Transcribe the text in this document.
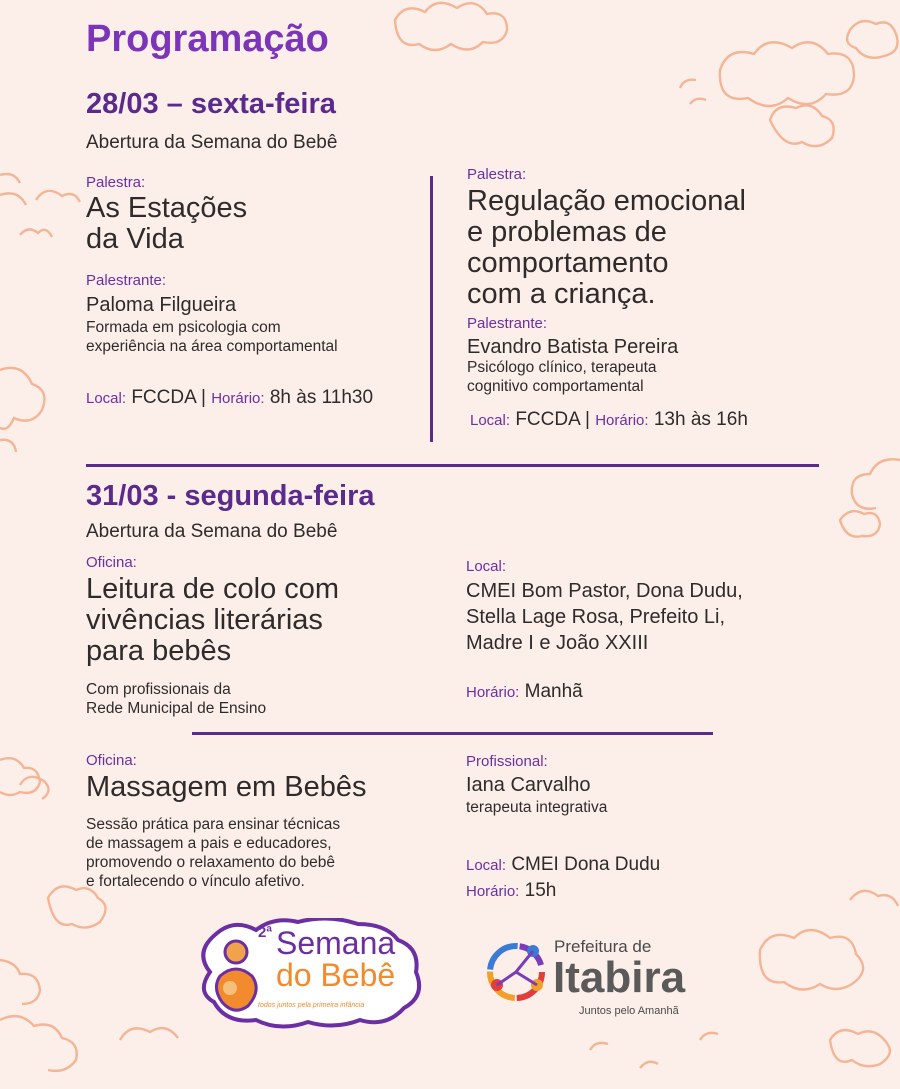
Programação
28/03 – sexta-feira
Abertura da Semana do Bebê
Palestra:
As Estações
da Vida
Palestrante:
Paloma Filgueira
Formada em psicologia com
experiência na área comportamental
Local: FCCDA | Horário: 8h às 11h30
Palestra:
Regulação emocional
e problemas de
comportamento
com a criança.
Palestrante:
Evandro Batista Pereira
Psicólogo clínico, terapeuta
cognitivo comportamental
Local: FCCDA | Horário: 13h às 16h
31/03 - segunda-feira
Abertura da Semana do Bebê
Oficina:
Leitura de colo com
vivências literárias
para bebês
Com profissionais da
Rede Municipal de Ensino
Local:
CMEI Bom Pastor, Dona Dudu,
Stella Lage Rosa, Prefeito Li,
Madre I e João XXIII
Horário: Manhã
Oficina:
Massagem em Bebês
Sessão prática para ensinar técnicas
de massagem a pais e educadores,
promovendo o relaxamento do bebê
e fortalecendo o vínculo afetivo.
Profissional:
Iana Carvalho
terapeuta integrativa
Local: CMEI Dona Dudu
Horário: 15h
2ª Semana
do Bebê
todos juntos pela primeira infância
Prefeitura de
Itabira
Juntos pelo Amanhã
